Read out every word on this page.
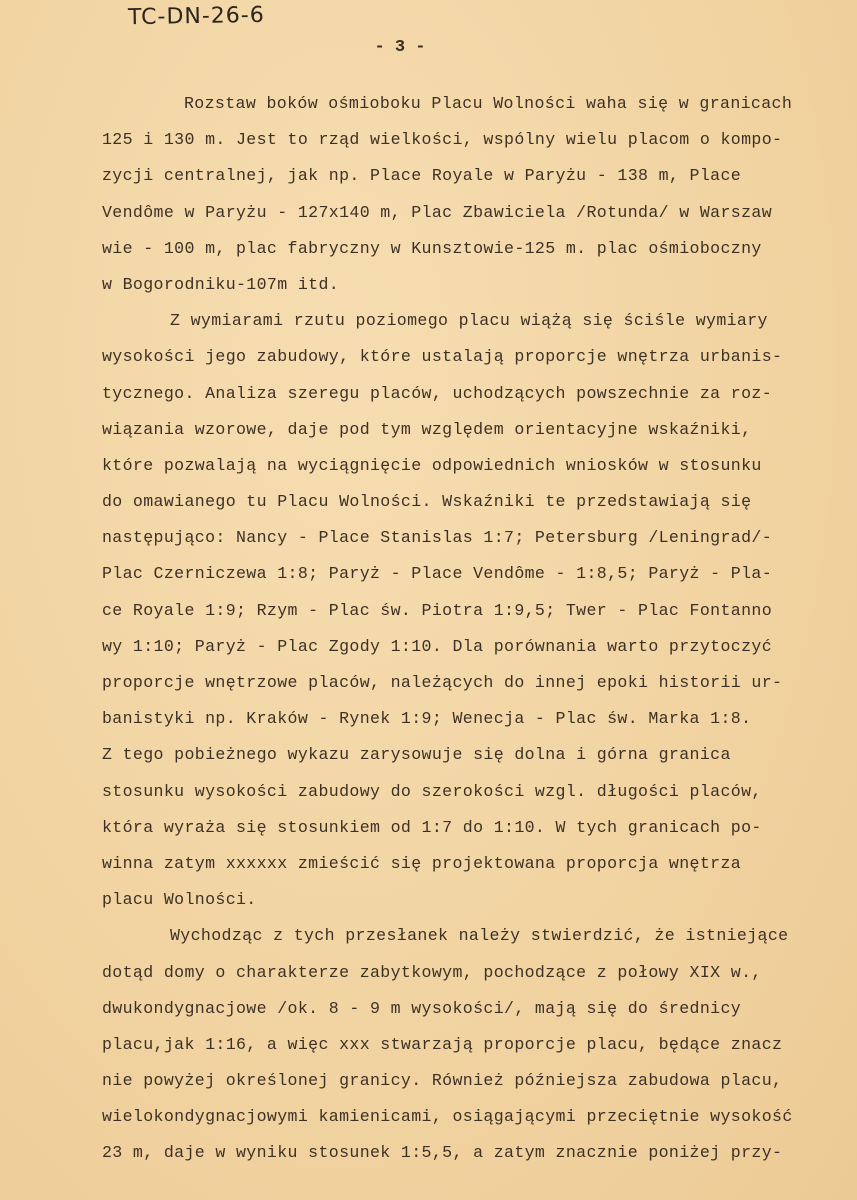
TC-DN-26-6
- 3 -
Rozstaw boków ośmioboku Placu Wolności waha się w granicach
125 i 130 m. Jest to rząd wielkości, wspólny wielu placom o kompo-
zycji centralnej, jak np. Place Royale w Paryżu - 138 m, Place
Vendôme w Paryżu - 127x140 m, Plac Zbawiciela /Rotunda/ w Warszaw
wie - 100 m, plac fabryczny w Kunsztowie-125 m. plac ośmioboczny
w Bogorodniku-107m itd.
Z wymiarami rzutu poziomego placu wiążą się ściśle wymiary
wysokości jego zabudowy, które ustalają proporcje wnętrza urbanis-
tycznego. Analiza szeregu placów, uchodzących powszechnie za roz-
wiązania wzorowe, daje pod tym względem orientacyjne wskaźniki,
które pozwalają na wyciągnięcie odpowiednich wniosków w stosunku
do omawianego tu Placu Wolności. Wskaźniki te przedstawiają się
następująco: Nancy - Place Stanislas 1:7; Petersburg /Leningrad/-
Plac Czerniczewa 1:8; Paryż - Place Vendôme - 1:8,5; Paryż - Pla-
ce Royale 1:9; Rzym - Plac św. Piotra 1:9,5; Twer - Plac Fontanno
wy 1:10; Paryż - Plac Zgody 1:10. Dla porównania warto przytoczyć
proporcje wnętrzowe placów, należących do innej epoki historii ur-
banistyki np. Kraków - Rynek 1:9; Wenecja - Plac św. Marka 1:8.
Z tego pobieżnego wykazu zarysowuje się dolna i górna granica
stosunku wysokości zabudowy do szerokości wzgl. długości placów,
która wyraża się stosunkiem od 1:7 do 1:10. W tych granicach po-
winna zatym xxxxxx zmieścić się projektowana proporcja wnętrza
placu Wolności.
Wychodząc z tych przesłanek należy stwierdzić, że istniejące
dotąd domy o charakterze zabytkowym, pochodzące z połowy XIX w.,
dwukondygnacjowe /ok. 8 - 9 m wysokości/, mają się do średnicy
placu,jak 1:16, a więc xxx stwarzają proporcje placu, będące znacz
nie powyżej określonej granicy. Również późniejsza zabudowa placu,
wielokondygnacjowymi kamienicami, osiągającymi przeciętnie wysokość
23 m, daje w wyniku stosunek 1:5,5, a zatym znacznie poniżej przy-
